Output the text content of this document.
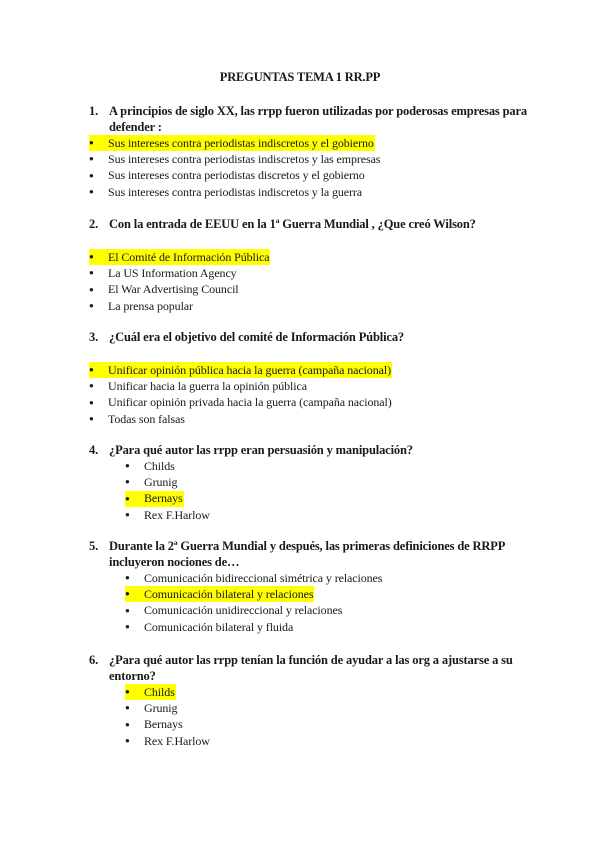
PREGUNTAS TEMA 1 RR.PP
1. A principios de siglo XX, las rrpp fueron utilizadas por poderosas empresas para defender :
●	Sus intereses contra periodistas indiscretos y el gobierno
●	Sus intereses contra periodistas indiscretos y las empresas
●	Sus intereses contra periodistas discretos y el gobierno
●	Sus intereses contra periodistas indiscretos y la guerra
2. Con la entrada de EEUU en la 1ª Guerra Mundial , ¿Que creó Wilson?
●	El Comité de Información Pública
●	La US Information Agency
●	El War Advertising Council
●	La prensa popular
3. ¿Cuál era el objetivo del comité de Información Pública?
●	Unificar opinión pública hacia la guerra (campaña nacional)
●	Unificar hacia la guerra la opinión pública
●	Unificar opinión privada hacia la guerra (campaña nacional)
●	Todas son falsas
4. ¿Para qué autor las rrpp eran persuasión y manipulación?
●	Childs
●	Grunig
●	Bernays
●	Rex F.Harlow
5. Durante la 2ª Guerra Mundial y después, las primeras definiciones de RRPP incluyeron nociones de…
●	Comunicación bidireccional simétrica y relaciones
●	Comunicación bilateral y relaciones
●	Comunicación unidireccional y relaciones
●	Comunicación bilateral y fluida
6. ¿Para qué autor las rrpp tenían la función de ayudar a las org a ajustarse a su entorno?
●	Childs
●	Grunig
●	Bernays
●	Rex F.Harlow
